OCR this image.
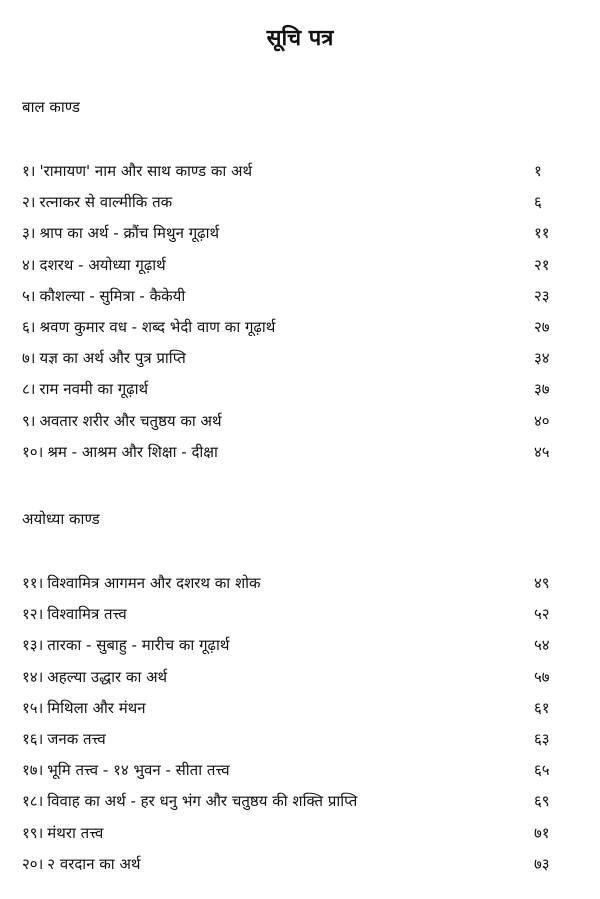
सूचि पत्र
बाल काण्ड
अयोध्या काण्ड
१। 'रामायण' नाम और साथ काण्ड का अर्थ	१
२। रत्नाकर से वाल्मीकि तक	६
३। श्राप का अर्थ - क्रौंच मिथुन गूढ़ार्थ	११
४। दशरथ - अयोध्या गूढ़ार्थ	२१
५। कौशल्या - सुमित्रा - कैकेयी	२३
६। श्रवण कुमार वध - शब्द भेदी वाण का गूढ़ार्थ	२७
७। यज्ञ का अर्थ और पुत्र प्राप्ति	३४
८। राम नवमी का गूढ़ार्थ	३७
९। अवतार शरीर और चतुष्ठय का अर्थ	४०
१०। श्रम - आश्रम और शिक्षा - दीक्षा	४५
११। विश्वामित्र आगमन और दशरथ का शोक	४९
१२। विश्वामित्र तत्त्व	५२
१३। तारका - सुबाहु - मारीच का गूढ़ार्थ	५४
१४। अहल्या उद्धार का अर्थ	५७
१५। मिथिला और मंथन	६१
१६। जनक तत्त्व	६३
१७। भूमि तत्त्व - १४ भुवन - सीता तत्त्व	६५
१८। विवाह का अर्थ - हर धनु भंग और चतुष्ठय की शक्ति प्राप्ति	६९
१९। मंथरा तत्त्व	७१
२०। २ वरदान का अर्थ	७३
